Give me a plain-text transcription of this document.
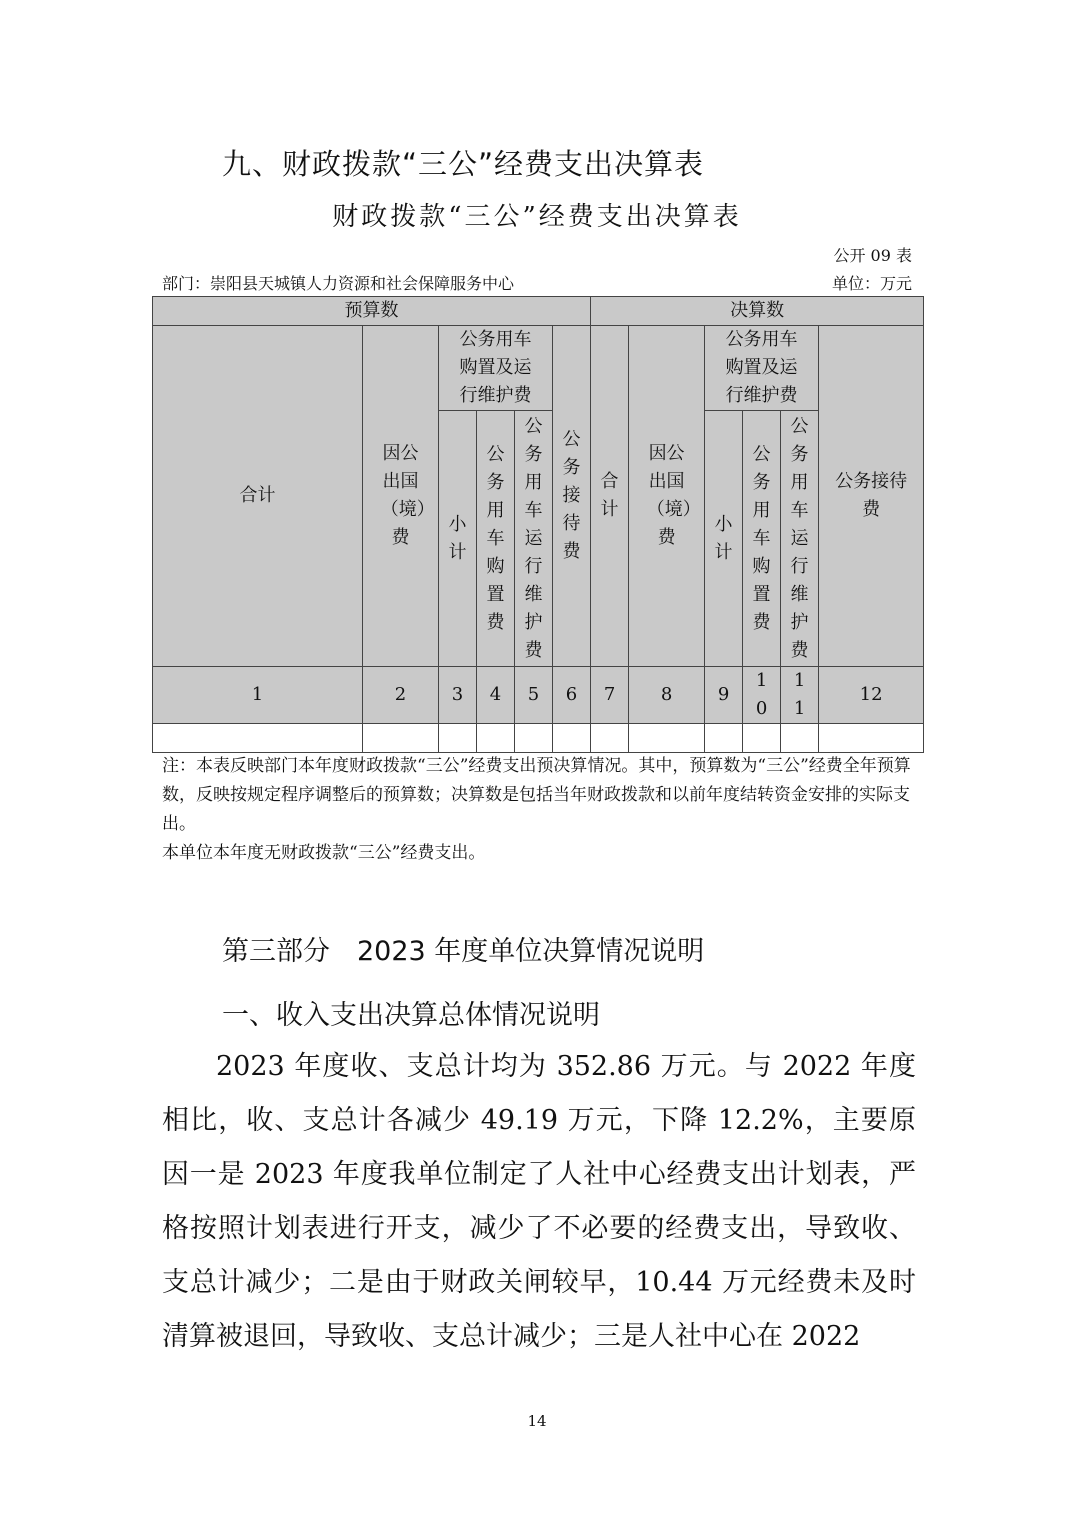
九、财政拨款“三公”经费支出决算表
财政拨款“三公”经费支出决算表
公开 09 表
部门：崇阳县天城镇人力资源和社会保障服务中心	单位：万元
预算数						决算数					
合计	因公出国（境）费	公务用车购置及运行维护费			公务接待费	合计	因公出国（境）费	公务用车购置及运行维护费			公务接待费
		小计	公务用车购置费	公务用车运行维护费				小计	公务用车购置费	公务用车运行维护费	
1	2	3	4	5	6	7	8	9	10	11	12

注：本表反映部门本年度财政拨款“三公”经费支出预决算情况。其中，预算数为“三公”经费全年预算数，反映按规定程序调整后的预算数；决算数是包括当年财政拨款和以前年度结转资金安排的实际支出。

本单位本年度无财政拨款“三公”经费支出。

第三部分　2023 年度单位决算情况说明
一、收入支出决算总体情况说明

2023 年度收、支总计均为 352.86 万元。与 2022 年度相比，收、支总计各减少 49.19 万元，下降 12.2%，主要原因一是 2023 年度我单位制定了人社中心经费支出计划表，严格按照计划表进行开支，减少了不必要的经费支出，导致收、支总计减少；二是由于财政关闸较早，10.44 万元经费未及时清算被退回，导致收、支总计减少；三是人社中心在 2022

14
